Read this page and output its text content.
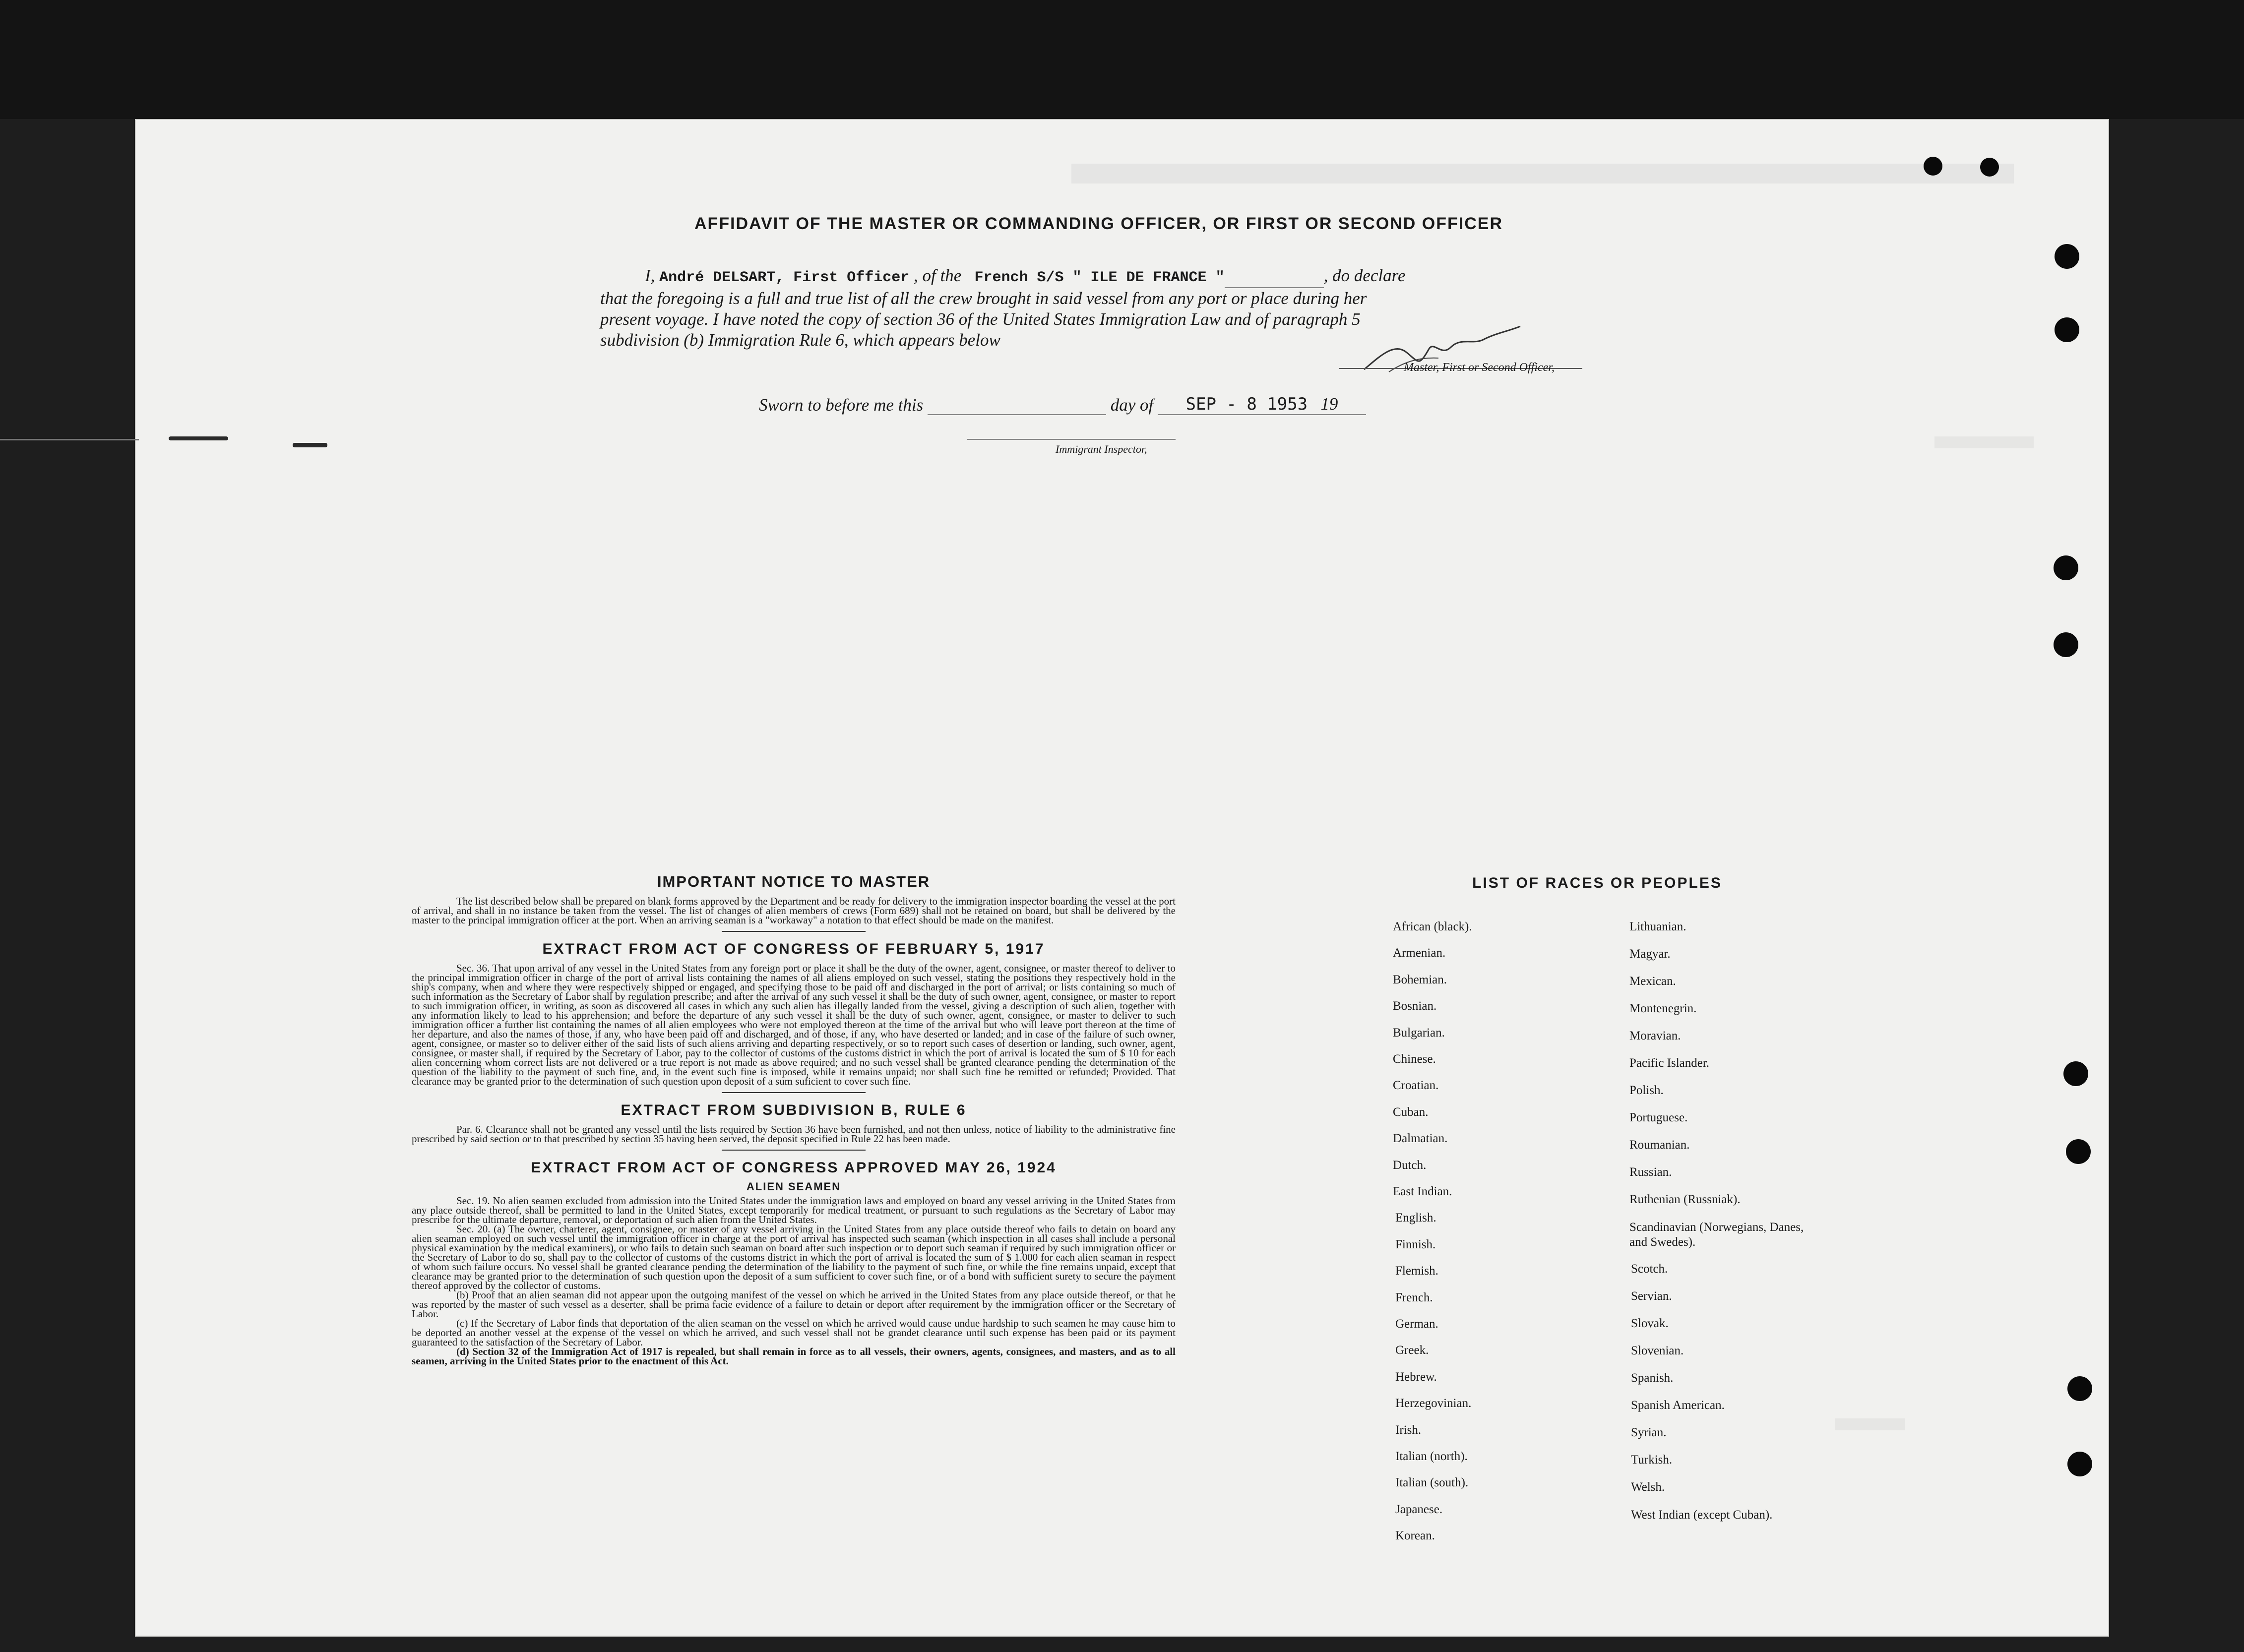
AFFIDAVIT OF THE MASTER OR COMMANDING OFFICER, OR FIRST OR SECOND OFFICER
I, André DELSART, First Officer , of the French S/S " ILE DE FRANCE "	, do declare
that the foregoing is a full and true list of all the crew brought in said vessel from any port or place during her
present voyage. I have noted the copy of section 36 of the United States Immigration Law and of paragraph 5
subdivision (b) Immigration Rule 6, which appears below
Master, First or Second Officer,
Sworn to before me this	day of SEP - 8 1953 19
Immigrant Inspector,
IMPORTANT NOTICE TO MASTER

The list described below shall be prepared on blank forms approved by the Department and be ready for delivery to the immigration inspector boarding the vessel at the port of arrival, and shall in no instance be taken from the vessel. The list of changes of alien members of crews (Form 689) shall not be retained on board, but shall be delivered by the master to the principal immigration officer at the port. When an arriving seaman is a "workaway" a notation to that effect should be made on the manifest.

EXTRACT FROM ACT OF CONGRESS OF FEBRUARY 5, 1917

Sec. 36. That upon arrival of any vessel in the United States from any foreign port or place it shall be the duty of the owner, agent, consignee, or master thereof to deliver to the principal immigration officer in charge of the port of arrival lists containing the names of all aliens employed on such vessel, stating the positions they respectively hold in the ship's company, when and where they were respectively shipped or engaged, and specifying those to be paid off and discharged in the port of arrival; or lists containing so much of such information as the Secretary of Labor shall by regulation prescribe; and after the arrival of any such vessel it shall be the duty of such owner, agent, consignee, or master to report to such immigration officer, in writing, as soon as discovered all cases in which any such alien has illegally landed from the vessel, giving a description of such alien, together with any information likely to lead to his apprehension; and before the departure of any such vessel it shall be the duty of such owner, agent, consignee, or master to deliver to such immigration officer a further list containing the names of all alien employees who were not employed thereon at the time of the arrival but who will leave port thereon at the time of her departure, and also the names of those, if any, who have been paid off and discharged, and of those, if any, who have deserted or landed; and in case of the failure of such owner, agent, consignee, or master so to deliver either of the said lists of such aliens arriving and departing respectively, or so to report such cases of desertion or landing, such owner, agent, consignee, or master shall, if required by the Secretary of Labor, pay to the collector of customs of the customs district in which the port of arrival is located the sum of $ 10 for each alien concerning whom correct lists are not delivered or a true report is not made as above required; and no such vessel shall be granted clearance pending the determination of the question of the liability to the payment of such fine, and, in the event such fine is imposed, while it remains unpaid; nor shall such fine be remitted or refunded; Provided. That clearance may be granted prior to the determination of such question upon deposit of a sum suficient to cover such fine.

EXTRACT FROM SUBDIVISION B, RULE 6

Par. 6. Clearance shall not be granted any vessel until the lists required by Section 36 have been furnished, and not then unless, notice of liability to the administrative fine prescribed by said section or to that prescribed by section 35 having been served, the deposit specified in Rule 22 has been made.

EXTRACT FROM ACT OF CONGRESS APPROVED MAY 26, 1924
ALIEN SEAMEN

Sec. 19. No alien seamen excluded from admission into the United States under the immigration laws and employed on board any vessel arriving in the United States from any place outside thereof, shall be permitted to land in the United States, except temporarily for medical treatment, or pursuant to such regulations as the Secretary of Labor may prescribe for the ultimate departure, removal, or deportation of such alien from the United States.

Sec. 20. (a) The owner, charterer, agent, consignee, or master of any vessel arriving in the United States from any place outside thereof who fails to detain on board any alien seaman employed on such vessel until the immigration officer in charge at the port of arrival has inspected such seaman (which inspection in all cases shall include a personal physical examination by the medical examiners), or who fails to detain such seaman on board after such inspection or to deport such seaman if required by such immigration officer or the Secretary of Labor to do so, shall pay to the collector of customs of the customs district in which the port of arrival is located the sum of $ 1.000 for each alien seaman in respect of whom such failure occurs. No vessel shall be granted clearance pending the determination of the liability to the payment of such fine, or while the fine remains unpaid, except that clearance may be granted prior to the determination of such question upon the deposit of a sum sufficient to cover such fine, or of a bond with sufficient surety to secure the payment thereof approved by the collector of customs.

(b) Proof that an alien seaman did not appear upon the outgoing manifest of the vessel on which he arrived in the United States from any place outside thereof, or that he was reported by the master of such vessel as a deserter, shall be prima facie evidence of a failure to detain or deport after requirement by the immigration officer or the Secretary of Labor.

(c) If the Secretary of Labor finds that deportation of the alien seaman on the vessel on which he arrived would cause undue hardship to such seamen he may cause him to be deported an another vessel at the expense of the vessel on which he arrived, and such vessel shall not be grandet clearance until such expense has been paid or its payment guaranteed to the satisfaction of the Secretary of Labor.

(d) Section 32 of the Immigration Act of 1917 is repealed, but shall remain in force as to all vessels, their owners, agents, consignees, and masters, and as to all seamen, arriving in the United States prior to the enactment of this Act.

LIST OF RACES OR PEOPLES
African (black).
Armenian.
Bohemian.
Bosnian.
Bulgarian.
Chinese.
Croatian.
Cuban.
Dalmatian.
Dutch.
East Indian.
English.
Finnish.
Flemish.
French.
German.
Greek.
Hebrew.
Herzegovinian.
Irish.
Italian (north).
Italian (south).
Japanese.
Korean.
Lithuanian.
Magyar.
Mexican.
Montenegrin.
Moravian.
Pacific Islander.
Polish.
Portuguese.
Roumanian.
Russian.
Ruthenian (Russniak).
Scandinavian (Norwegians, Danes, and Swedes).
Scotch.
Servian.
Slovak.
Slovenian.
Spanish.
Spanish American.
Syrian.
Turkish.
Welsh.
West Indian (except Cuban).
